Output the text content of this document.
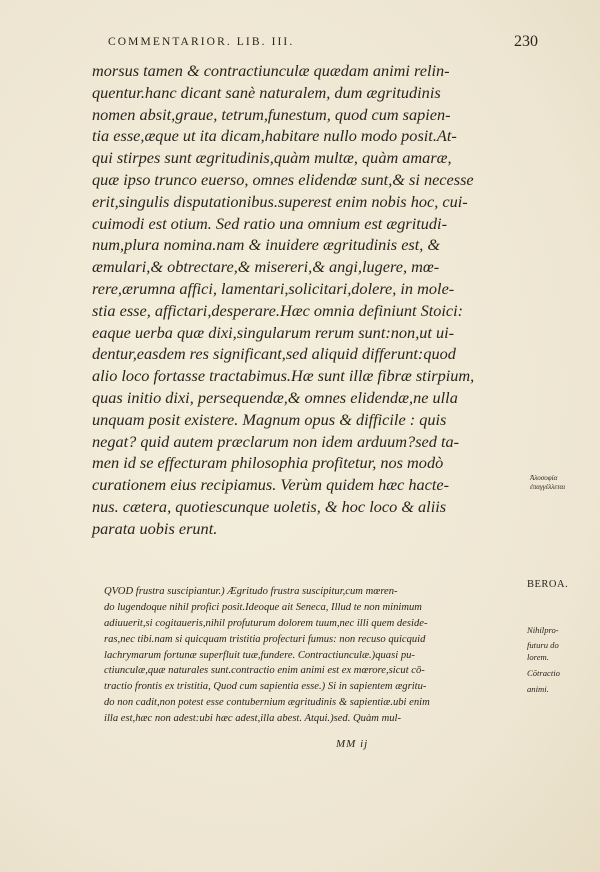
COMMENTARIOR. LIB. III.	230
morsus tamen & contractiunculæ quædam animi relin-
quentur.hanc dicant sanè naturalem, dum ægritudinis
nomen absit,graue, tetrum,funestum, quod cum sapien-
tia esse,æque ut ita dicam,habitare nullo modo posit.At-
qui stirpes sunt ægritudinis,quàm multæ, quàm amaræ,
quæ ipso trunco euerso, omnes elidendæ sunt,& si necesse
erit,singulis disputationibus.superest enim nobis hoc, cui-
cuimodi est otium. Sed ratio una omnium est ægritudi-
num,plura nomina.nam & inuidere ægritudinis est, &
æmulari,& obtrectare,& misereri,& angi,lugere, mœ-
rere,ærumna affici, lamentari,solicitari,dolere, in mole-
stia esse, affictari,desperare.Hæc omnia definiunt Stoici:
eaque uerba quæ dixi,singularum rerum sunt:non,ut ui-
dentur,easdem res significant,sed aliquid differunt:quod
alio loco fortasse tractabimus.Hæ sunt illæ fibræ stirpium,
quas initio dixi, persequendæ,& omnes elidendæ,ne ulla
unquam posit existere. Magnum opus & difficile : quis
negat? quid autem præclarum non idem arduum?sed ta-
men id se effecturam philosophia profitetur, nos modò
curationem eius recipiamus. Verùm quidem hæc hacte-
nus. cætera, quotiescunque uoletis, & hoc loco & aliis
parata uobis erunt.
Ἀλοσοφία
ἐπαγγέλλεται
QVOD frustra suscipiantur.) Ægritudo frustra suscipitur,cum mœren-
do lugendoque nihil profici posit.Ideoque ait Seneca, Illud te non minimum
adiuuerit,si cogitaueris,nihil profuturum dolorem tuum,nec illi quem deside-
ras,nec tibi.nam si quicquam tristitia profecturi fumus: non recuso quicquid
lachrymarum fortunæ superfluit tuæ,fundere. Contractiunculæ.)quasi pu-
ctiunculæ,quæ naturales sunt.contractio enim animi est ex mœrore,sicut cō-
tractio frontis ex tristitia, Quod cum sapientia esse.) Si in sapientem ægritu-
do non cadit,non potest esse contubernium ægritudinis & sapientiæ.ubi enim
illa est,hæc non adest:ubi hæc adest,illa abest. Atqui.)sed. Quàm mul-
BEROA.
Nihilpro-
futuru do
lorem.
Cōtractio
animi.
MM ij
